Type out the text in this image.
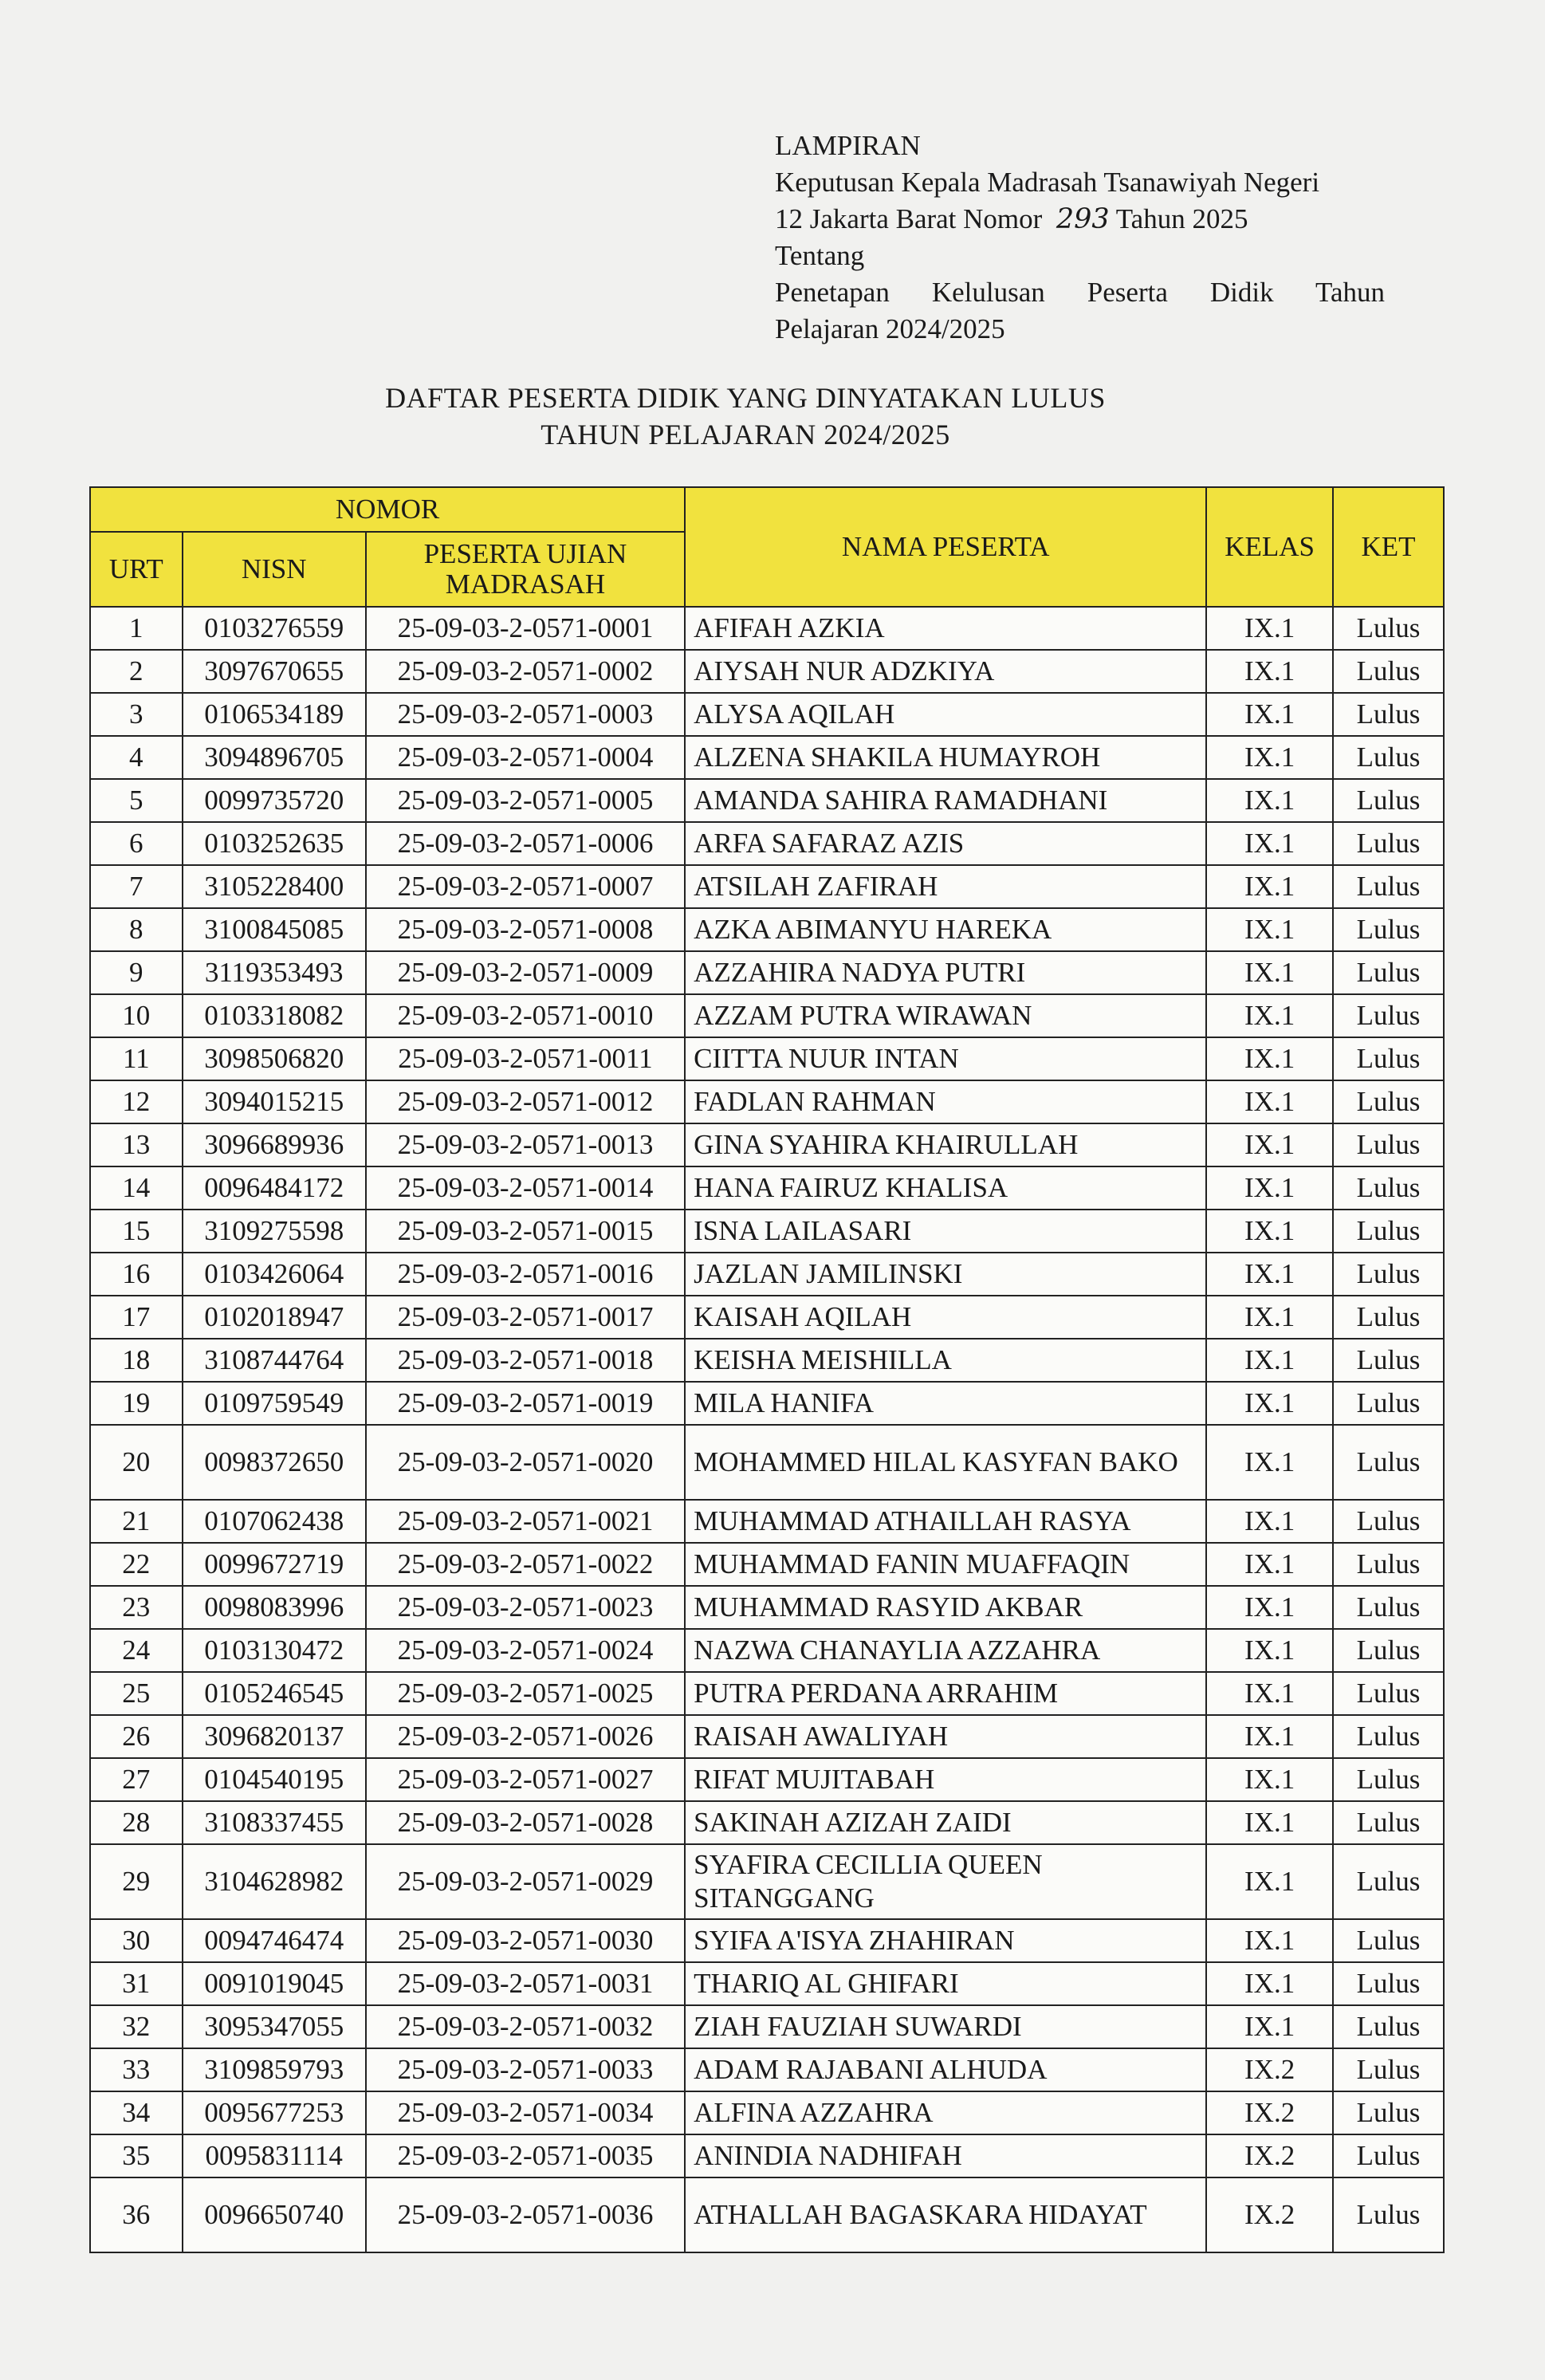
LAMPIRAN
Keputusan Kepala Madrasah Tsanawiyah Negeri
12 Jakarta Barat Nomor 293 Tahun 2025
Tentang
Penetapan Kelulusan Peserta Didik Tahun
Pelajaran 2024/2025
DAFTAR PESERTA DIDIK YANG DINYATAKAN LULUS
TAHUN PELAJARAN 2024/2025
NOMOR			NAMA PESERTA	KELAS	KET
URT	NISN	PESERTA UJIAN MADRASAH			
1	0103276559	25-09-03-2-0571-0001	AFIFAH AZKIA	IX.1	Lulus
2	3097670655	25-09-03-2-0571-0002	AIYSAH NUR ADZKIYA	IX.1	Lulus
3	0106534189	25-09-03-2-0571-0003	ALYSA AQILAH	IX.1	Lulus
4	3094896705	25-09-03-2-0571-0004	ALZENA SHAKILA HUMAYROH	IX.1	Lulus
5	0099735720	25-09-03-2-0571-0005	AMANDA SAHIRA RAMADHANI	IX.1	Lulus
6	0103252635	25-09-03-2-0571-0006	ARFA SAFARAZ AZIS	IX.1	Lulus
7	3105228400	25-09-03-2-0571-0007	ATSILAH ZAFIRAH	IX.1	Lulus
8	3100845085	25-09-03-2-0571-0008	AZKA ABIMANYU HAREKA	IX.1	Lulus
9	3119353493	25-09-03-2-0571-0009	AZZAHIRA NADYA PUTRI	IX.1	Lulus
10	0103318082	25-09-03-2-0571-0010	AZZAM PUTRA WIRAWAN	IX.1	Lulus
11	3098506820	25-09-03-2-0571-0011	CIITTA NUUR INTAN	IX.1	Lulus
12	3094015215	25-09-03-2-0571-0012	FADLAN RAHMAN	IX.1	Lulus
13	3096689936	25-09-03-2-0571-0013	GINA SYAHIRA KHAIRULLAH	IX.1	Lulus
14	0096484172	25-09-03-2-0571-0014	HANA FAIRUZ KHALISA	IX.1	Lulus
15	3109275598	25-09-03-2-0571-0015	ISNA LAILASARI	IX.1	Lulus
16	0103426064	25-09-03-2-0571-0016	JAZLAN JAMILINSKI	IX.1	Lulus
17	0102018947	25-09-03-2-0571-0017	KAISAH AQILAH	IX.1	Lulus
18	3108744764	25-09-03-2-0571-0018	KEISHA MEISHILLA	IX.1	Lulus
19	0109759549	25-09-03-2-0571-0019	MILA HANIFA	IX.1	Lulus
20	0098372650	25-09-03-2-0571-0020	MOHAMMED HILAL KASYFAN BAKO	IX.1	Lulus
21	0107062438	25-09-03-2-0571-0021	MUHAMMAD ATHAILLAH RASYA	IX.1	Lulus
22	0099672719	25-09-03-2-0571-0022	MUHAMMAD FANIN MUAFFAQIN	IX.1	Lulus
23	0098083996	25-09-03-2-0571-0023	MUHAMMAD RASYID AKBAR	IX.1	Lulus
24	0103130472	25-09-03-2-0571-0024	NAZWA CHANAYLIA AZZAHRA	IX.1	Lulus
25	0105246545	25-09-03-2-0571-0025	PUTRA PERDANA ARRAHIM	IX.1	Lulus
26	3096820137	25-09-03-2-0571-0026	RAISAH AWALIYAH	IX.1	Lulus
27	0104540195	25-09-03-2-0571-0027	RIFAT MUJITABAH	IX.1	Lulus
28	3108337455	25-09-03-2-0571-0028	SAKINAH AZIZAH ZAIDI	IX.1	Lulus
29	3104628982	25-09-03-2-0571-0029	SYAFIRA CECILLIA QUEEN SITANGGANG	IX.1	Lulus
30	0094746474	25-09-03-2-0571-0030	SYIFA A'ISYA ZHAHIRAN	IX.1	Lulus
31	0091019045	25-09-03-2-0571-0031	THARIQ AL GHIFARI	IX.1	Lulus
32	3095347055	25-09-03-2-0571-0032	ZIAH FAUZIAH SUWARDI	IX.1	Lulus
33	3109859793	25-09-03-2-0571-0033	ADAM RAJABANI ALHUDA	IX.2	Lulus
34	0095677253	25-09-03-2-0571-0034	ALFINA AZZAHRA	IX.2	Lulus
35	0095831114	25-09-03-2-0571-0035	ANINDIA NADHIFAH	IX.2	Lulus
36	0096650740	25-09-03-2-0571-0036	ATHALLAH BAGASKARA HIDAYAT	IX.2	Lulus
